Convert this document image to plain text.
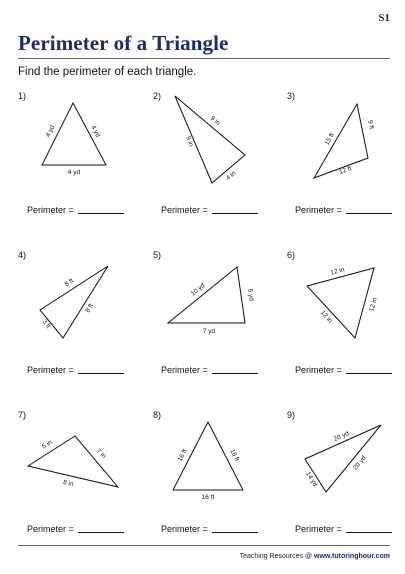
S1
Perimeter of a Triangle
Find the perimeter of each triangle.
1)
4 yd	4 yd
4 yd
Perimeter =
2)
9 in
9 in
4 in
Perimeter =
3)
15 ft
9 ft
12 ft
Perimeter =
4)
8 ft
8 ft
3 ft
Perimeter =
5)
10 yd	6 yd
7 yd
Perimeter =
6)
12 in
12 in
12 in
Perimeter =
7)
5 in
7 in
8 in
Perimeter =
8)
16 ft	16 ft
16 ft
Perimeter =
9)
20 yd
14 yd
20 yd
Perimeter =
Teaching Resources @ www.tutoringhour.com
